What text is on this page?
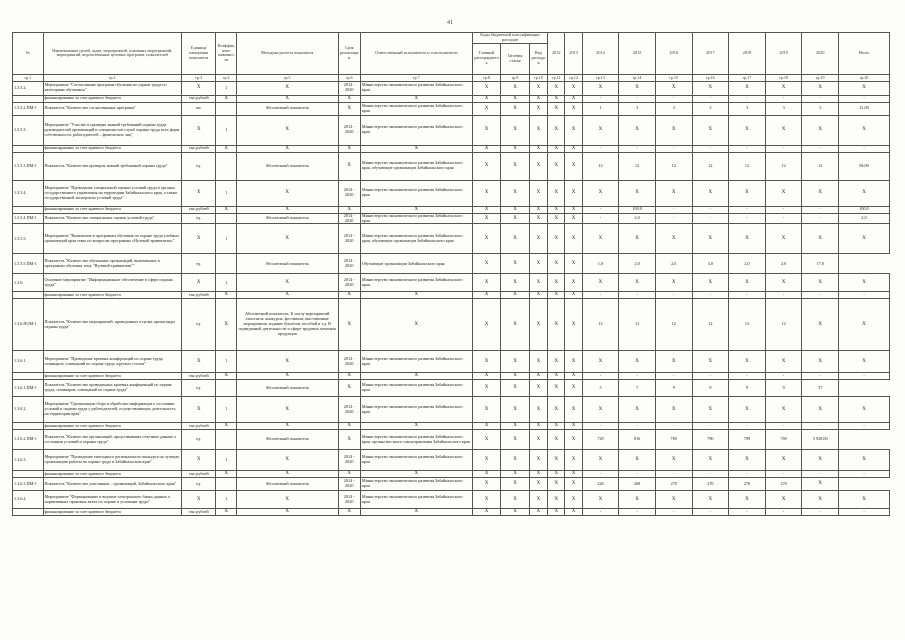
41
№	Наименование целей, задач, мероприятий, основных мероприятий, мероприятий, ведомственных целевых программ, показателей	Единица измерения показателя	Коэффициент значимости	Методика расчета показателя	Срок реализации	Ответственный исполнитель и соисполнители	Коды бюджетной классификации расходов			2012	2013	2014	2015	2016	2017	2018	2019	2020	Итого
							Главный распорядитель	Целевая статья	Вид расходов										
гр.1	гр.2	гр.3	гр.4	гр.5	гр.6	гр.7	гр.8	гр.9	гр.10	гр.11	гр.12	гр.13	гр.14	гр.15	гр.16	гр.17	гр.18	гр.19	гр.20
1.3.5.2.	Мероприятие "Согласование программ обучения по охране труда по категориям обучаемых"	X	1	X	2014 - 2020	Министерство экономического развития Забайкальского края	X	X	X	X	X	X	X	X	X	X	X	X	X
	финансирование за счет краевого бюджета	тыс.рублей	X	X	X	X	X	X	X	X	X	-	-	-	-	-	-	-	-
1.3.5.2.ПМ-1	Показатель "Количество согласованных программ"	шт.		Абсолютный показатель	X	Министерство экономического развития Забайкальского края	X	X	X	X	X	1	3	3	3	3	3	3	21,00
1.3.5.3.	Мероприятие "Участие в проверке знаний требований охраны труда руководителей организаций и специалистов служб охраны труда всех форм собственности, работодателей – физических лиц"	X	1	X	2014 - 2020	Министерство экономического развития Забайкальского края	X	X	X	X	X	X	X	X	X	X	X	X	X
	финансирование за счет краевого бюджета	тыс.рублей	X	X	X	X	X	X	X	X	X	-	-	-	-	-	-	-	-
1.3.5.3.ПМ-1	Показатель "Количество проверок знаний требований охраны труда"	ед.		Абсолютный показатель	X	Министерство экономического развития Забайкальского края, обучающие организации Забайкальского края	X	X	X	X	X	12	12	12	12	12	12	12	84,00
1.3.5.4.	Мероприятие "Проведение специальной оценки условий труда в органах государственного управления на территории Забайкальского края, а также государственной экспертизы условий труда"	X	1	X	2014 - 2020	Министерство экономического развития Забайкальского края	X	X	X	X	X	X	X	X	X	X	X	X	X
	финансирование за счет краевого бюджета	тыс.рублей	X	X	X	X	X	X	X	X	X	-	100,0	-	-	-	-	-	100,0
1.3.5.4.ПМ-1	Показатель "Количество специальных оценок условий труда"	ед.		Абсолютный показатель	2014 - 2020	Министерство экономического развития Забайкальского края	X	X	X	X	X	-	2,0	-	-	-	-	-	2,0
1.3.5.5.	Мероприятие "Включение в программы обучения по охране труда учебных организаций края темы по вопросам программы «Нулевой травматизм»"	X	1	X	2014 - 2020	Министерство экономического развития Забайкальского края, обучающие организации Забайкальского края	X	X	X	X	X	X	X	X	X	X	X	X	X
1.3.5.5.ПМ-1	Показатель "Количество обученных организаций, включенных в программы обучения тему "Нулевой травматизм""	ед.		Абсолютный показатель	2014 - 2020	Обучающие организации Забайкальского края	X	X	X	X	X	1,0	2,0	2,0	3,0	2,0	2,0	17,0	
1.3.6.	Основное мероприятие "Информационное обеспечение в сфере охраны труда"	X	1	X	2014 - 2020	Министерство экономического развития Забайкальского края	X	X	X	X	X	X	X	X	X	X	X	X	X
	финансирование за счет краевого бюджета	тыс.рублей	X	X	X	X	X	X	X	X	X	-	-	-	-	-	-	-	-
1.3.6.ПОМ-1	Показатель "Количество мероприятий, проведенных в целях пропаганды охраны труда"	ед.	X	Абсолютный показатель. К числу мероприятий относятся: конкурсы, фестивали, выставочные мероприятия, издание буклетов, пособий и т.д. В подведенной деятельности и сфере трудовых печатная продукция	X	X	X	X	X	X	X	12	12	12	12	12	12	X	X
1.3.6.1.	Мероприятие "Проведение краевых конференций по охране труда, семинаров, совещаний по охране труда, круглых столов"	X	1	X	2014 - 2020	Министерство экономического развития Забайкальского края	X	X	X	X	X	X	X	X	X	X	X	X	X
	финансирование за счет краевого бюджета	тыс.рублей	X	X	X	X	X	X	X	X	X	-	-	-	-	-	-	-	-
1.3.6.1.ПМ-1	Показатель "Количество проведенных краевых конференций по охране труда, семинаров, совещаний по охране труда"	ед.		Абсолютный показатель	X	Министерство экономического развития Забайкальского края	X	X	X	X	X	5	7	9	9	9	9	57	
1.3.6.2.	Мероприятие "Организация сбора и обработки информации о состоянии условий и охраны труда у работодателей, осуществляющих деятельность на территории края"	X	1	X	2014 - 2020	Министерство экономического развития Забайкальского края	X	X	X	X	X	X	X	X	X	X	X	X	X
	финансирование за счет краевого бюджета	тыс.рублей	X	X	X	X	X	X	X	X	X	-	-	-	-	-	-	-	-
1.3.6.2.ПМ-1	Показатель "Количество организаций, представивших отчетные данные о состоянии условий и охраны труда"	ед.		Абсолютный показатель	X	Министерство экономического развития Забайкальского края, органы местного самоуправления Забайкальского края	X	X	X	X	X	729	816	769	790	799	769	5 928,00	
1.3.6.3.	Мероприятие "Проведение ежегодного регионального конкурса на лучшую организацию работы по охране труда в Забайкальском крае"	X	1	X	2014 - 2020	Министерство экономического развития Забайкальского края	X	X	X	X	X	X	X	X	X	X	X	X	X
	финансирование за счет краевого бюджета	тыс.рублей	X	X	X	X	X	X	X	X	X	-	-	-	-	-	-	-	-
1.3.6.3.ПМ-1	Показатель "Количество участников – организаций, Забайкальского края"	ед.		Абсолютный показатель	2014 - 2020	Министерство экономического развития Забайкальского края	X	X	X	X	X	226	268	270	270	270	270	X	
1.3.6.4.	Мероприятие "Формирование и ведение электронного банка данных о нормативных правовых актах по охране и условиям труда"	X	1	X	2014 - 2020	Министерство экономического развития Забайкальского края	X	X	X	X	X	X	X	X	X	X	X	X	X
	финансирование за счет краевого бюджета	тыс.рублей	X	X	X	X	X	X	X	X	X	-	-	-	-	-	-	-	-
